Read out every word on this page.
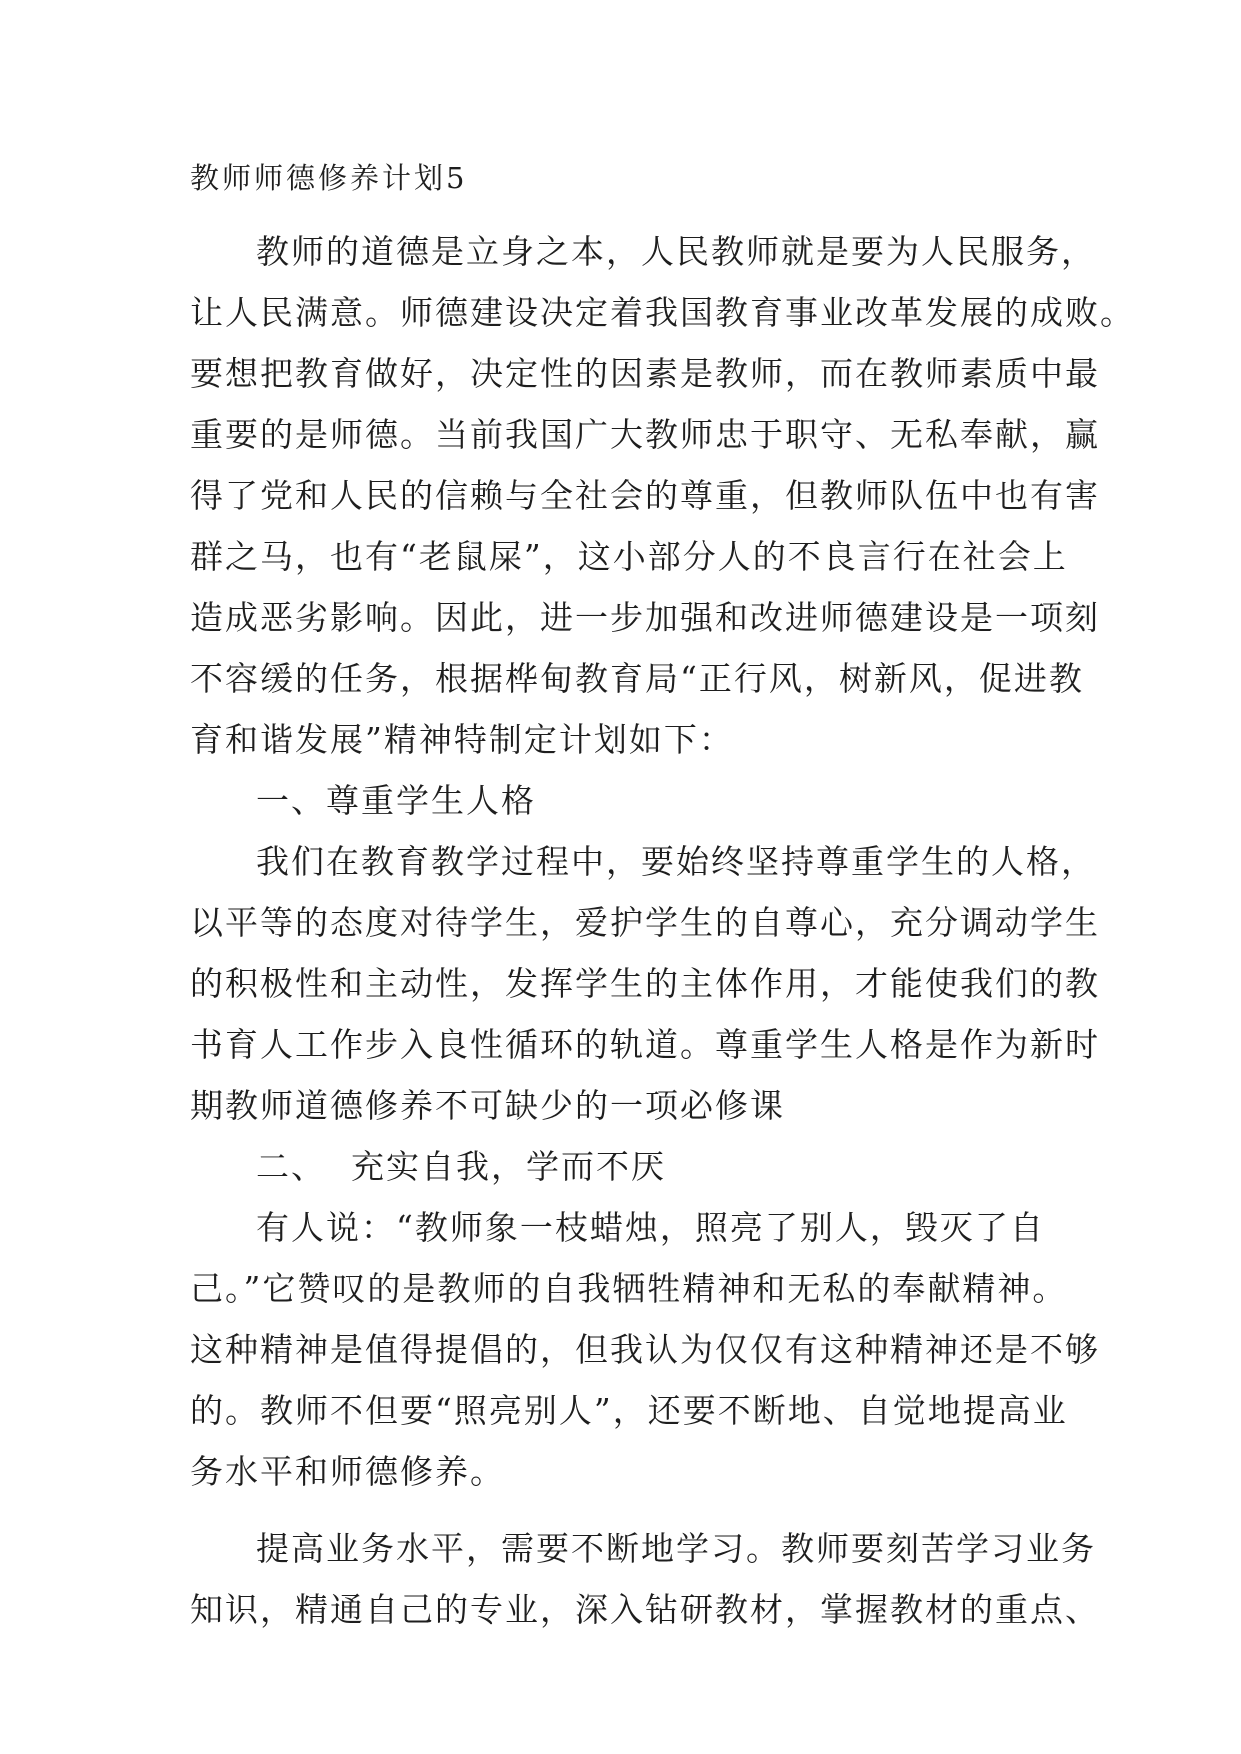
教师师德修养计划5
教师的道德是立身之本，人民教师就是要为人民服务，
让人民满意。师德建设决定着我国教育事业改革发展的成败。
要想把教育做好，决定性的因素是教师，而在教师素质中最
重要的是师德。当前我国广大教师忠于职守、无私奉献，赢
得了党和人民的信赖与全社会的尊重，但教师队伍中也有害
群之马，也有“老鼠屎”，这小部分人的不良言行在社会上
造成恶劣影响。因此，进一步加强和改进师德建设是一项刻
不容缓的任务，根据桦甸教育局“正行风，树新风，促进教
育和谐发展”精神特制定计划如下：
一、尊重学生人格
我们在教育教学过程中，要始终坚持尊重学生的人格，
以平等的态度对待学生，爱护学生的自尊心，充分调动学生
的积极性和主动性，发挥学生的主体作用，才能使我们的教
书育人工作步入良性循环的轨道。尊重学生人格是作为新时
期教师道德修养不可缺少的一项必修课
二、  充实自我，学而不厌
有人说：“教师象一枝蜡烛，照亮了别人，毁灭了自
己。”它赞叹的是教师的自我牺牲精神和无私的奉献精神。
这种精神是值得提倡的，但我认为仅仅有这种精神还是不够
的。教师不但要“照亮别人”，还要不断地、自觉地提高业
务水平和师德修养。
提高业务水平，需要不断地学习。教师要刻苦学习业务
知识，精通自己的专业，深入钻研教材，掌握教材的重点、
